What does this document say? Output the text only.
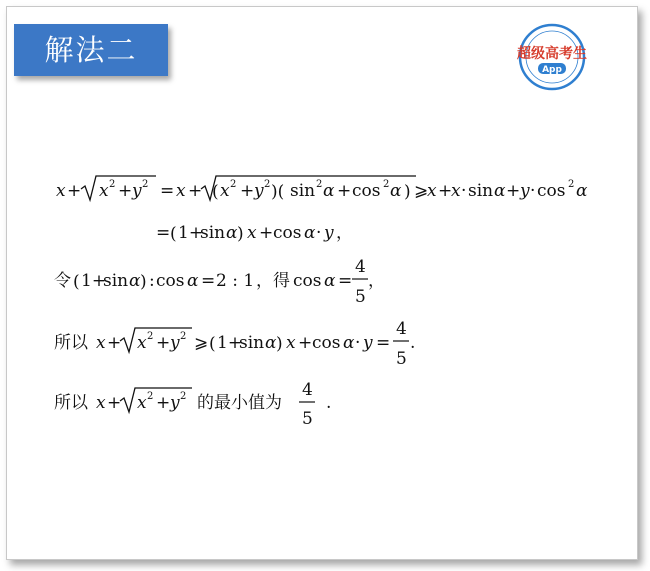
解法二	超级高考生
App
x + x 2 + y 2 = x + ( x 2 + y 2 )( sin 2 α + cos 2 α ) ⩾
x +
x · sin α + y · cos 2 α
= ( 1+
sin α ) x + cos α · y ，
令 ( 1+
sin α ) : cos α = 2 : 1 ，得 cos α =
4
5
，
所以 x + x 2 + y 2 ⩾ ( 1+
sin α ) x + cos α · y =
4
5
.
所以 x + x 2 + y 2 的最小值为
4
5
.
